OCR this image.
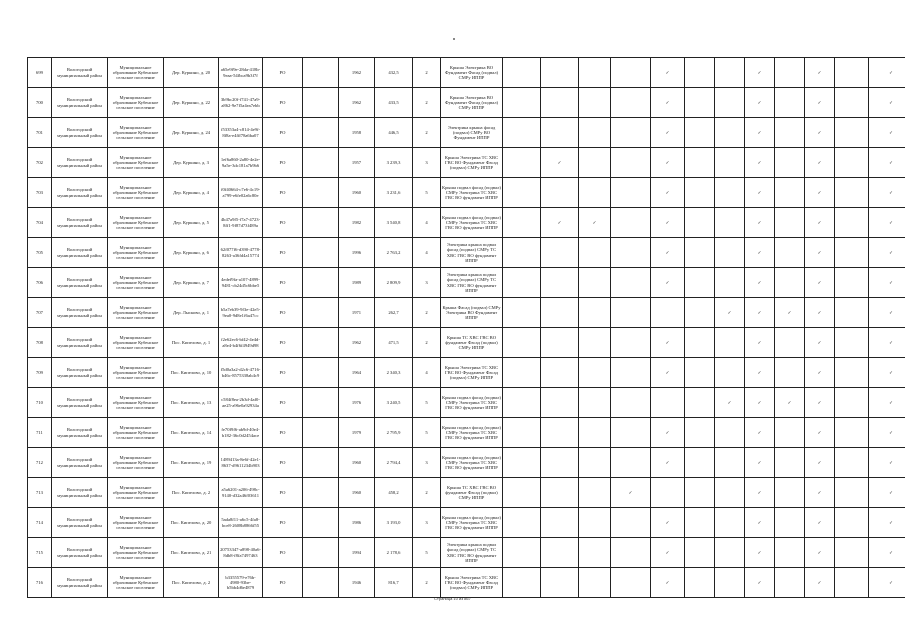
699	Вологодский муниципальный район	Муниципальное образование Кубенское сельское поселение	Дер. Куркино, д. 20	a65e9f9e-28da-418b-9eaa-54fbca9b3f7f	РО		1962	432,5	2	Крыша Электрика ВО Фундамент Фасад (подвал) СМРу ИППР					✓			✓		✓		✓
700	Вологодский муниципальный район	Муниципальное образование Кубенское сельское поселение	Дер. Куркино, д. 22	3b9bc20f-f741-47a9-a862-9e7f5a4ea7ebb	РО		1962	433,5	2	Крыша Электрика ВО Фундамент Фасад (подвал) СМРу ИППР					✓			✓		✓		✓
701	Вологодский муниципальный район	Муниципальное образование Кубенское сельское поселение	Дер. Куркино, д. 24	f53353a4-c814-4e9f-8f8a-e4fff78a6ba07	РО		1958	446,5	2	Электрика крыша фасад (подвал) СМРу ВО Фундамент ИППР					✓			✓		✓		✓
702	Вологодский муниципальный район	Муниципальное образование Кубенское сельское поселение	Дер. Куркино, д. 3	1ef6a860-2a80-4e2e-9a5e-3dc181a7b9b6	РО		1957	3 239,3	3	Крыша Электрика ТС ХВС ГВС ВО Фундамент Фасад (подвал) СМРу ИППР		✓			✓			✓		✓		✓
703	Вологодский муниципальный район	Муниципальное образование Кубенское сельское поселение	Дер. Куркино, д. 4	f0f40664-c7e6-4c19-a799-e6fe02a6c80e	РО		1960	3 231,6	5	Крыша подвал фасад (подвал) СМРу Электрика ТС ХВС ГВС ВО фундамент ИППР					✓			✓		✓		✓
704	Вологодский муниципальный район	Муниципальное образование Кубенское сельское поселение	Дер. Куркино, д. 5	4b47a9f5-f7a7-4723-8ff1-9f87d73f489a	РО		1982	3 540,8	4	Крыша подвал фасад (подвал) СМРу Электрика ТС ХВС ГВС ВО фундамент ИППР		✓	✓		✓			✓		✓		✓
705	Вологодский муниципальный район	Муниципальное образование Кубенское сельское поселение	Дер. Куркино, д. 6	62f077f6-d390-4778-8263-a36fd4a15774	РО		1996	2 763,2	4	Электрика крыша подвал фасад (подвал) СМРу ТС ХВС ГВС ВО фундамент ИППР					✓			✓		✓		✓
706	Вологодский муниципальный район	Муниципальное образование Кубенское сельское поселение	Дер. Куркино, д. 7	4edef9fa-a107-4899-9481-cb24d5c6bbe5	РО		1989	2 809,9	3	Электрика крыша подвал фасад (подвал) СМРу ТС ХВС ГВС ВО фундамент ИППР					✓			✓		✓		✓
707	Вологодский муниципальный район	Муниципальное образование Кубенское сельское поселение	Дер. Лысково, д. 1	b5a7eb39-9f3e-42e5-9ea0-9d8e1f6a47cc	РО		1971	262,7	2	Крыша Фасад (подвал) СМРу Электрика ВО Фундамент ИППР							✓	✓	✓	✓		✓
708	Вологодский муниципальный район	Муниципальное образование Кубенское сельское поселение	Пос. Кипелово, д. 1	f2e62ec6-bf42-4e4d-a8e4-b4f6f4949d98	РО		1962	471,5	2	Крыша ТС ХВС ГВС ВО фундамент Фасад (подвал) СМРу ИППР					✓			✓		✓		✓
709	Вологодский муниципальный район	Муниципальное образование Кубенское сельское поселение	Пос. Кипелово, д. 10	f5d0a3a2-d2c6-4716-b46c-8575338ab4c9	РО		1964	2 340,3	4	Крыша Электрика ТС ХВС ГВС ВО Фундамент Фасад (подвал) СМРу ИППР					✓			✓		✓		✓
710	Вологодский муниципальный район	Муниципальное образование Кубенское сельское поселение	Пос. Кипелово, д. 13	c584f8ea-2b3d-4af0-ae25-a96e0a92934a	РО		1976	3 240,5	5	Крыша подвал фасад (подвал) СМРу Электрика ТС ХВС ГВС ВО фундамент ИППР							✓	✓	✓	✓		✓
711	Вологодский муниципальный район	Муниципальное образование Кубенское сельское поселение	Пос. Кипелово, д. 14	fe70f9f6-ab9d-40e4-b182-36c0d2454ace	РО		1979	2 795,9	5	Крыша подвал фасад (подвал) СМРу Электрика ТС ХВС ГВС ВО фундамент ИППР					✓			✓		✓		✓
712	Вологодский муниципальный район	Муниципальное образование Кубенское сельское поселение	Пос. Кипелово, д. 19	1489413a-8e6f-42e1-8637-d9611234b903	РО		1960	2 794,4	3	Крыша подвал фасад (подвал) СМРу Электрика ТС ХВС ГВС ВО фундамент ИППР					✓			✓		✓		✓
713	Вологодский муниципальный район	Муниципальное образование Кубенское сельское поселение	Пос. Кипелово, д. 2	a5a6201-a206-498c-9140-d32a46f03611	РО		1960	458,2	2	Крыша ТС ХВС ГВС ВО фундамент Фасад (подвал) СМРу ИППР				✓				✓		✓		✓
714	Вологодский муниципальный район	Муниципальное образование Кубенское сельское поселение	Пос. Кипелово, д. 20	5ada8f11-a6c5-4fa8-bce8-2608b8866f55	РО		1986	3 193,0	3	Крыша подвал фасад (подвал) СМРу Электрика ТС ХВС ГВС ВО фундамент ИППР					✓			✓		✓		✓
715	Вологодский муниципальный район	Муниципальное образование Кубенское сельское поселение	Пос. Кипелово, д. 21	20753347-a898-40a6-8db8-f8fa7497463	РО		1994	2 178,6	5	Электрика крыша подвал фасад (подвал) СМРу ТС ХВС ГВС ВО фундамент ИППР					✓			✓		✓		✓
716	Вологодский муниципальный район	Муниципальное образование Кубенское сельское поселение	Пос. Кипелово, д. 2	b3355579-e76b-4980-93be-b5bb4d6e4879	РО		1946	816,7	2	Крыша Электрика ТС ХВС ГВС ВО Фундамент Фасад (подвал) СМРу ИППР					✓			✓		✓		✓
Страница 10 из 867
